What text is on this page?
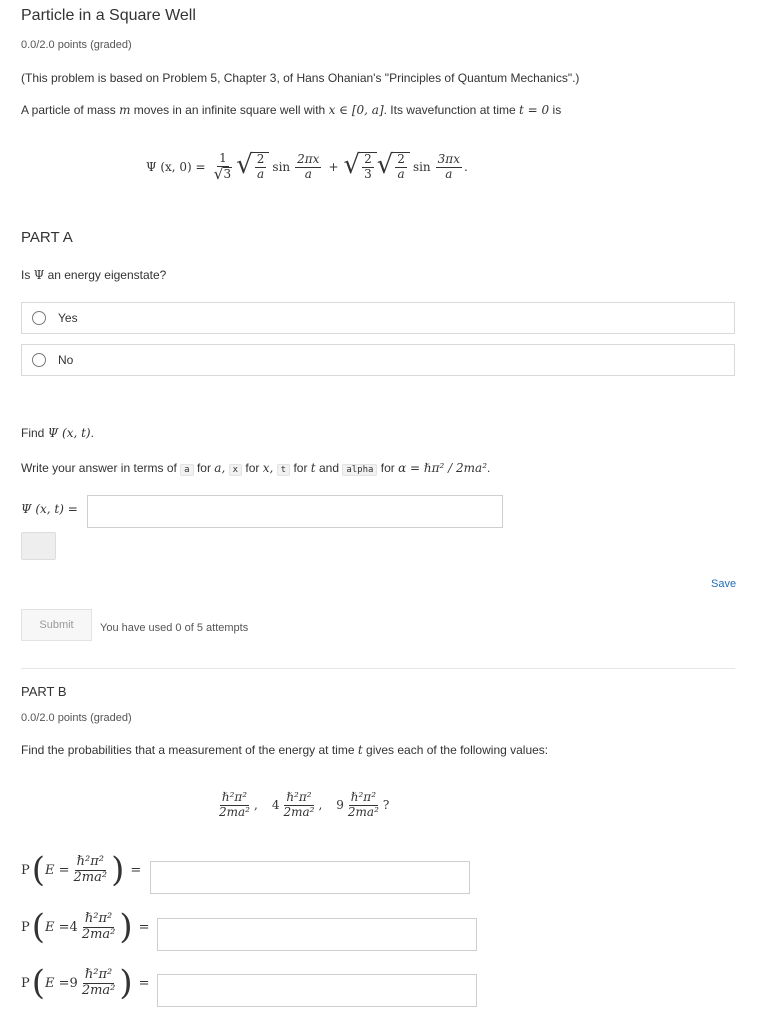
Particle in a Square Well
0.0/2.0 points (graded)
(This problem is based on Problem 5, Chapter 3, of Hans Ohanian's "Principles of Quantum Mechanics".)
A particle of mass m moves in an infinite square well with x ∈ [0, a]. Its wavefunction at time t = 0 is
Ψ (x, $0) = \frac{1}{√ 3}$ √ $\frac{2}{a}$ $\sin \frac{2\pi x}{a}$ + √ $\frac{2}{3}$ √ $\frac{2}{a}$ $\sin \frac{3\pi x}{a}$ .
PART A
Is Ψ an energy eigenstate?
Yes
No
Find Ψ (x, t).
Write your answer in terms of a for a, x for x, t for t and alpha for α = ℏπ² / 2ma².
Ψ (x, t) =
Save
Submit	You have used 0 of 5 attempts
PART B
0.0/2.0 points (graded)
Find the probabilities that a measurement of the energy at time t gives each of the following values:
$\frac{\text{ℏ²π²}}{\text{2ma²}}$ , $4 \frac{\text{ℏ²π²}}{\text{2ma²}}$ , $9 \frac{\text{ℏ²π²}}{\text{2ma²}}$ ?
P ( $E = \frac{\text{ℏ²π²}}{\text{2ma²}}$ ) =
P ( $E = 4 \frac{\text{ℏ²π²}}{\text{2ma²}}$ ) =
P ( $E = 9 \frac{\text{ℏ²π²}}{\text{2ma²}}$ ) =
